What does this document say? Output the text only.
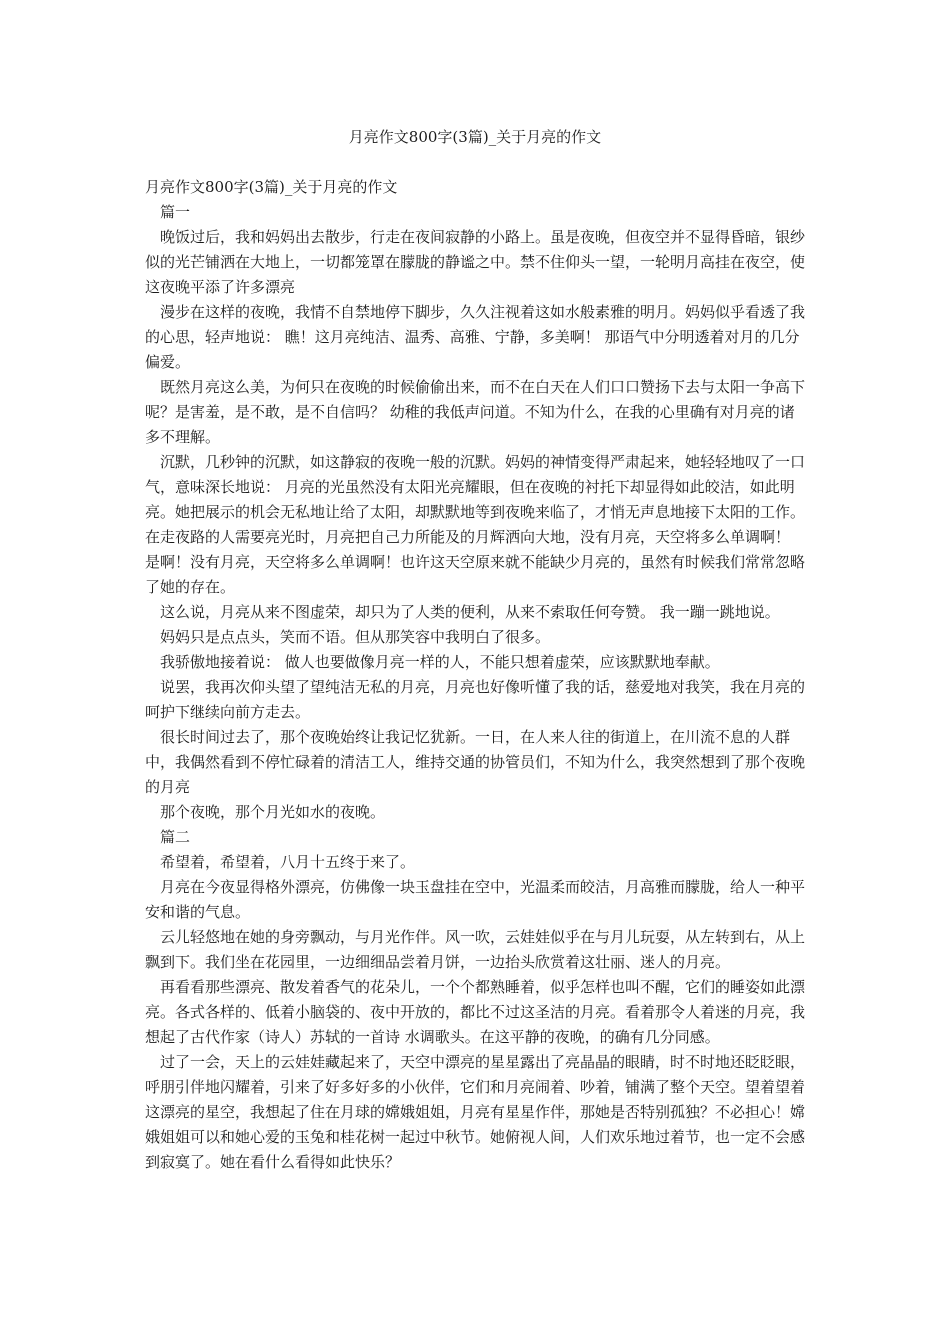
月亮作文800字(3篇)_关于月亮的作文

月亮作文800字(3篇)_关于月亮的作文

篇一

晚饭过后，我和妈妈出去散步，行走在夜间寂静的小路上。虽是夜晚，但夜空并不显得昏暗，银纱似的光芒铺洒在大地上，一切都笼罩在朦胧的静谧之中。禁不住仰头一望，一轮明月高挂在夜空，使这夜晚平添了许多漂亮

漫步在这样的夜晚，我情不自禁地停下脚步，久久注视着这如水般素雅的明月。妈妈似乎看透了我的心思，轻声地说： 瞧！这月亮纯洁、温秀、高雅、宁静，多美啊！ 那语气中分明透着对月的几分偏爱。

既然月亮这么美，为何只在夜晚的时候偷偷出来，而不在白天在人们口口赞扬下去与太阳一争高下呢？是害羞，是不敢，是不自信吗？ 幼稚的我低声问道。不知为什么，在我的心里确有对月亮的诸多不理解。

沉默，几秒钟的沉默，如这静寂的夜晚一般的沉默。妈妈的神情变得严肃起来，她轻轻地叹了一口气，意味深长地说： 月亮的光虽然没有太阳光亮耀眼，但在夜晚的衬托下却显得如此皎洁，如此明亮。她把展示的机会无私地让给了太阳，却默默地等到夜晚来临了，才悄无声息地接下太阳的工作。在走夜路的人需要亮光时，月亮把自己力所能及的月辉洒向大地，没有月亮，天空将多么单调啊！ 是啊！没有月亮，天空将多么单调啊！也许这天空原来就不能缺少月亮的，虽然有时候我们常常忽略了她的存在。

这么说，月亮从来不图虚荣，却只为了人类的便利，从来不索取任何夸赞。 我一蹦一跳地说。

妈妈只是点点头，笑而不语。但从那笑容中我明白了很多。

我骄傲地接着说： 做人也要做像月亮一样的人，不能只想着虚荣，应该默默地奉献。

说罢，我再次仰头望了望纯洁无私的月亮，月亮也好像听懂了我的话，慈爱地对我笑，我在月亮的呵护下继续向前方走去。

很长时间过去了，那个夜晚始终让我记忆犹新。一日，在人来人往的街道上，在川流不息的人群中，我偶然看到不停忙碌着的清洁工人，维持交通的协管员们，不知为什么，我突然想到了那个夜晚的月亮

那个夜晚，那个月光如水的夜晚。

篇二

希望着，希望着，八月十五终于来了。

月亮在今夜显得格外漂亮，仿佛像一块玉盘挂在空中，光温柔而皎洁，月高雅而朦胧，给人一种平安和谐的气息。

云儿轻悠地在她的身旁飘动，与月光作伴。风一吹，云娃娃似乎在与月儿玩耍，从左转到右，从上飘到下。我们坐在花园里，一边细细品尝着月饼，一边抬头欣赏着这壮丽、迷人的月亮。

再看看那些漂亮、散发着香气的花朵儿，一个个都熟睡着，似乎怎样也叫不醒，它们的睡姿如此漂亮。各式各样的、低着小脑袋的、夜中开放的，都比不过这圣洁的月亮。看着那令人着迷的月亮，我想起了古代作家（诗人）苏轼的一首诗 水调歌头。在这平静的夜晚，的确有几分同感。

过了一会，天上的云娃娃藏起来了，天空中漂亮的星星露出了亮晶晶的眼睛，时不时地还眨眨眼，呼朋引伴地闪耀着，引来了好多好多的小伙伴，它们和月亮闹着、吵着，铺满了整个天空。望着望着这漂亮的星空，我想起了住在月球的嫦娥姐姐，月亮有星星作伴，那她是否特别孤独？不必担心！嫦娥姐姐可以和她心爱的玉兔和桂花树一起过中秋节。她俯视人间，人们欢乐地过着节，也一定不会感到寂寞了。她在看什么看得如此快乐？
